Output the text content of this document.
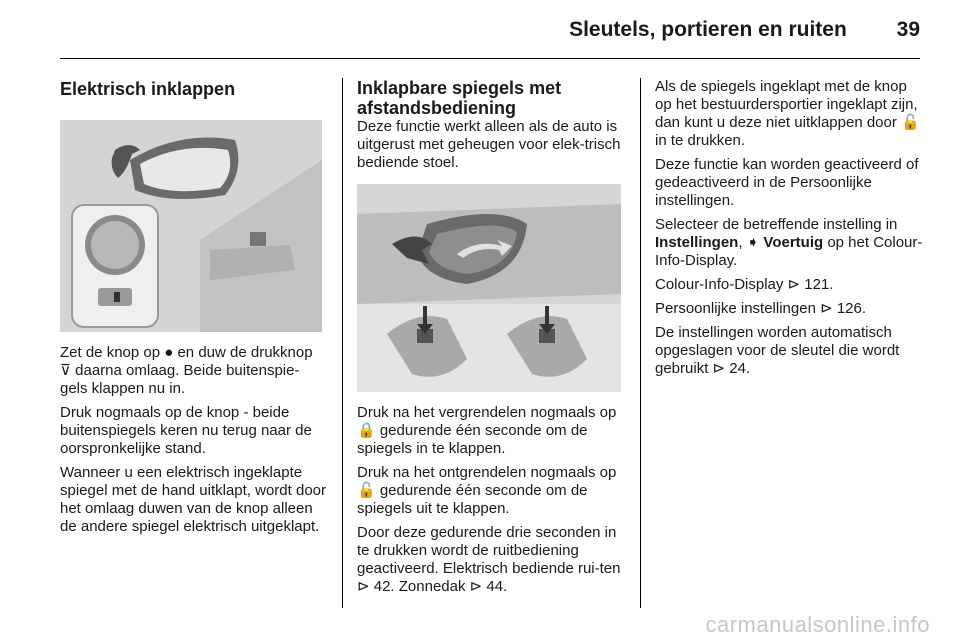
Sleutels, portieren en ruiten 39
Elektrisch inklappen

Zet de knop op ● en duw de drukknop ⊽ daarna omlaag. Beide buitenspie-gels klappen nu in.

Druk nogmaals op de knop - beide buitenspiegels keren nu terug naar de oorspronkelijke stand.

Wanneer u een elektrisch ingeklapte spiegel met de hand uitklapt, wordt door het omlaag duwen van de knop alleen de andere spiegel elektrisch uitgeklapt.

Inklapbare spiegels met afstandsbediening

Deze functie werkt alleen als de auto is uitgerust met geheugen voor elek-trisch bediende stoel.

Druk na het vergrendelen nogmaals op 🔒 gedurende één seconde om de spiegels in te klappen.

Druk na het ontgrendelen nogmaals op 🔓 gedurende één seconde om de spiegels uit te klappen.

Door deze gedurende drie seconden in te drukken wordt de ruitbediening geactiveerd. Elektrisch bediende rui-ten ⊳ 42. Zonnedak ⊳ 44.

Als de spiegels ingeklapt met de knop op het bestuurdersportier ingeklapt zijn, dan kunt u deze niet uitklappen door 🔓 in te drukken.

Deze functie kan worden geactiveerd of gedeactiveerd in de Persoonlijke instellingen.

Selecteer de betreffende instelling in Instellingen, ➧ Voertuig op het Colour-Info-Display.

Colour-Info-Display ⊳ 121.

Persoonlijke instellingen ⊳ 126.

De instellingen worden automatisch opgeslagen voor de sleutel die wordt gebruikt ⊳ 24.

carmanualsonline.info
